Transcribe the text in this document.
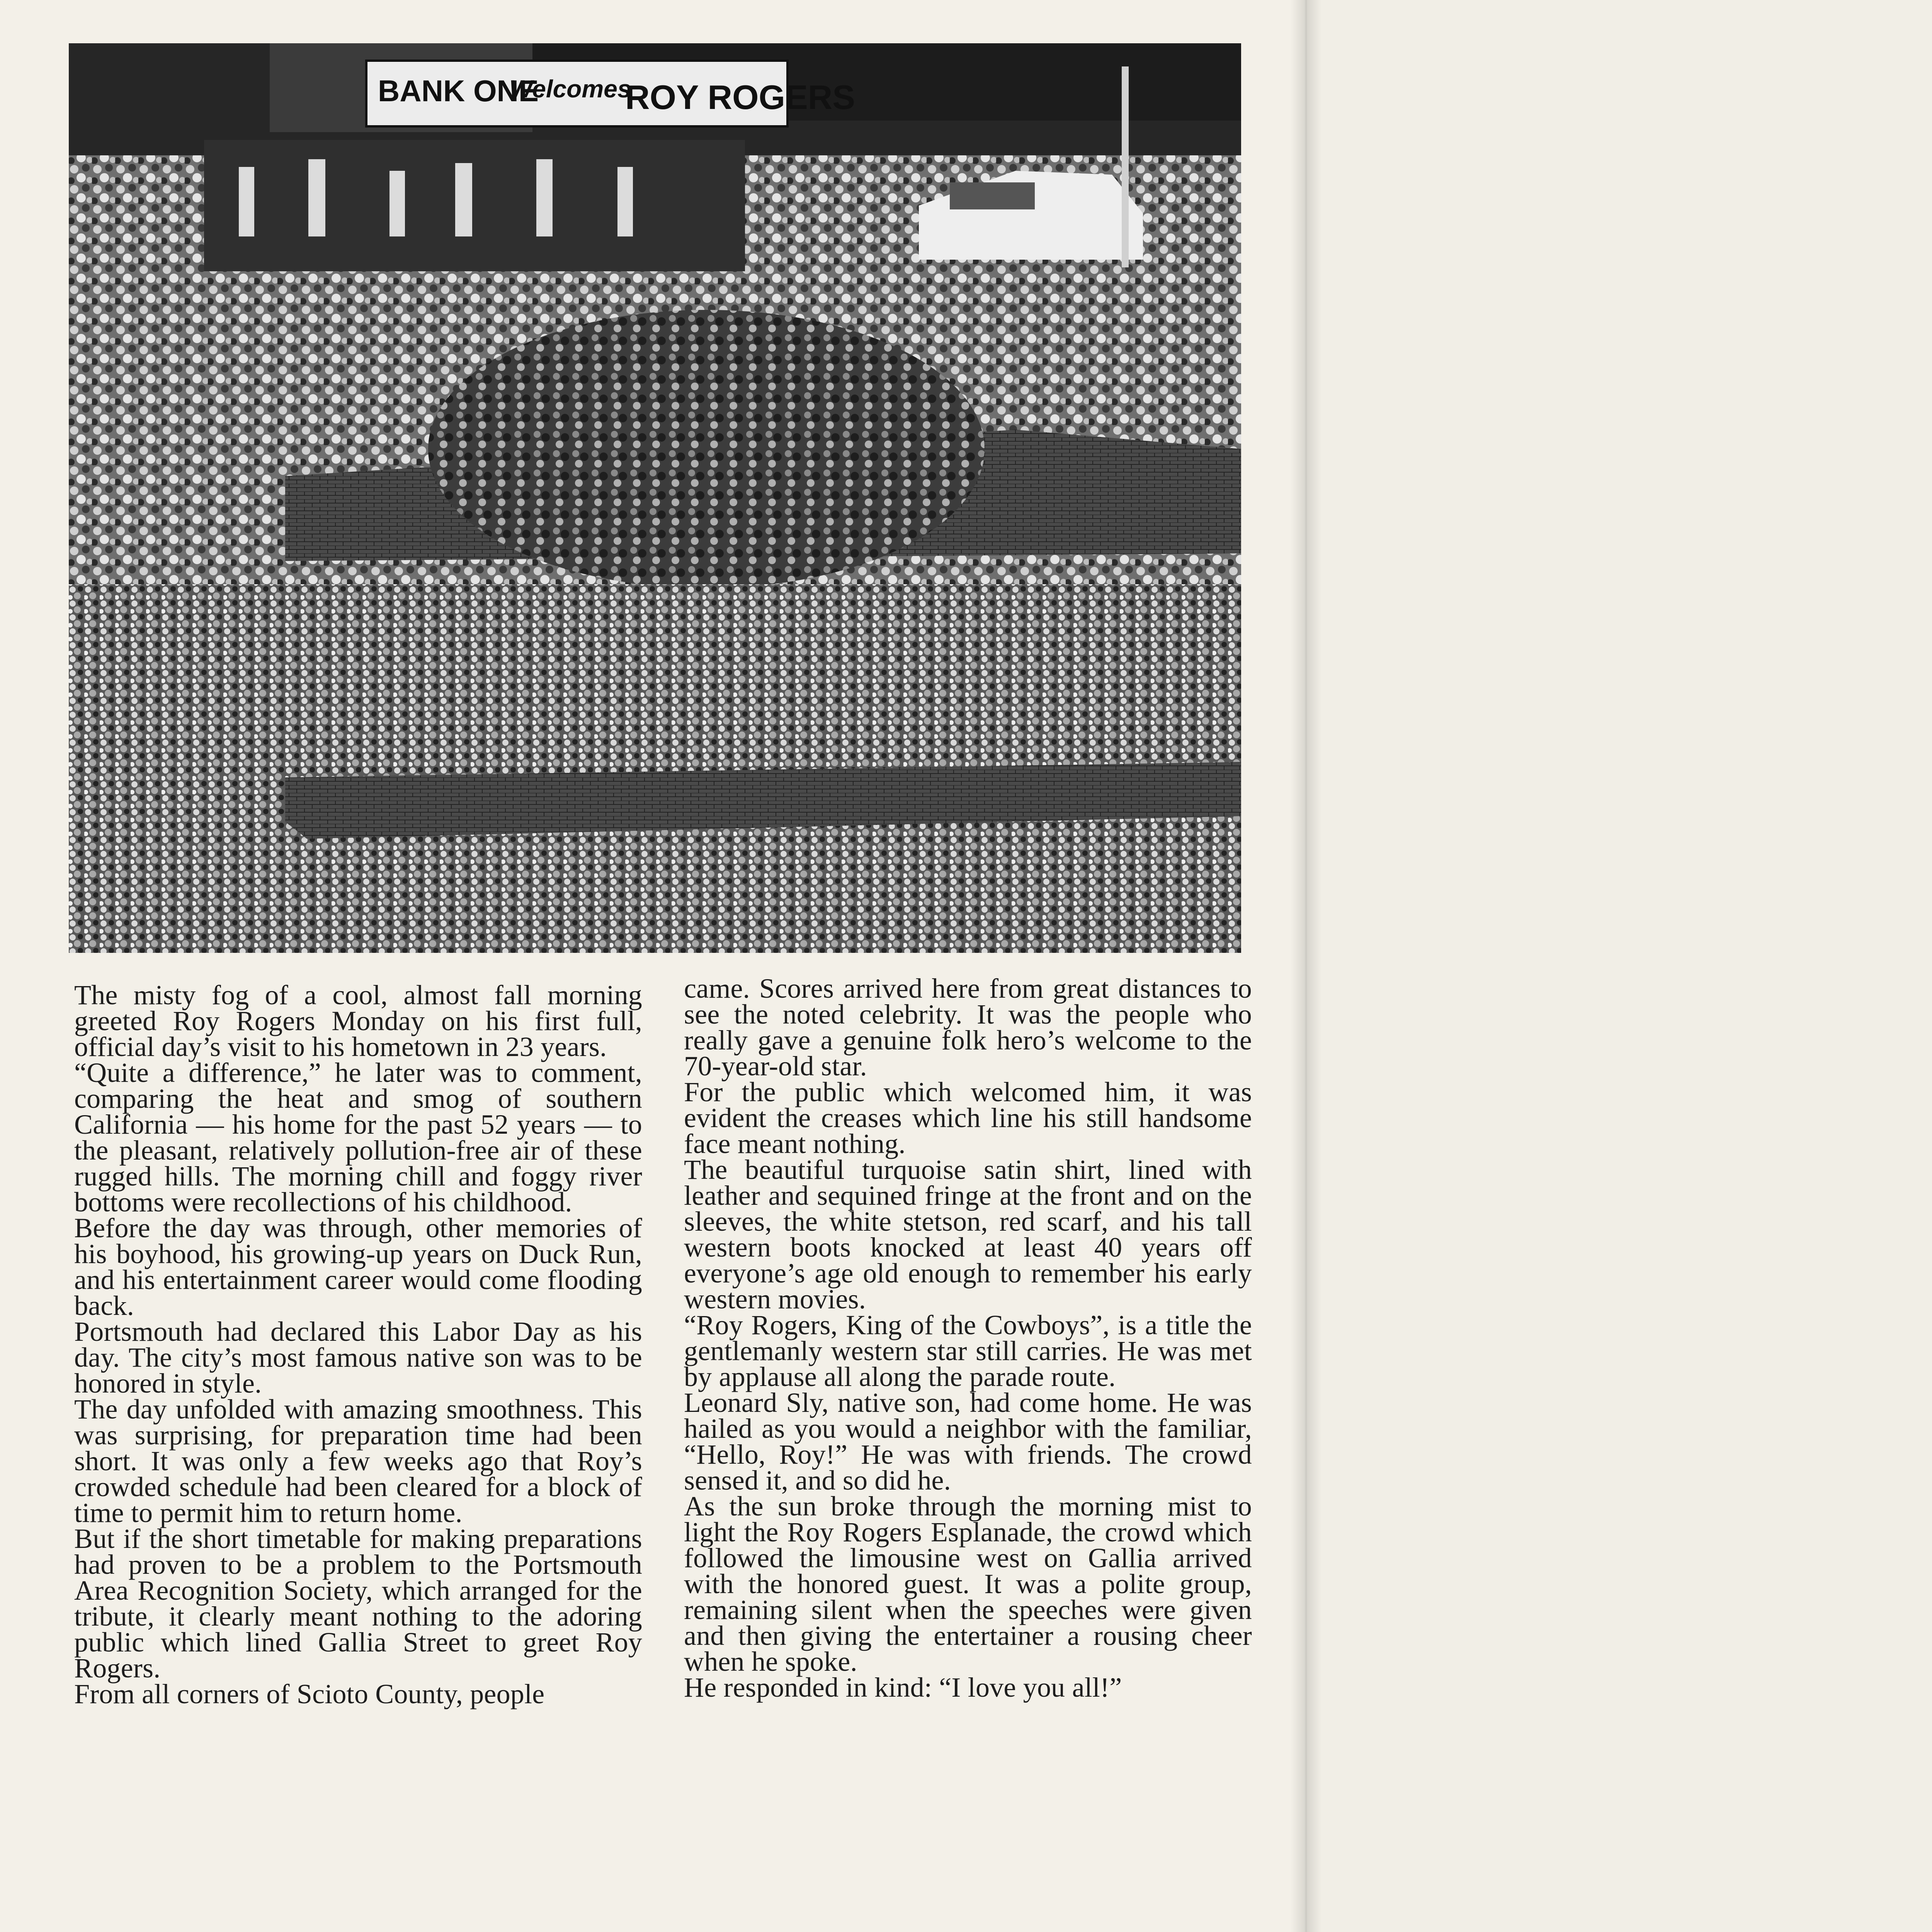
BANK ONE
Welcomes
ROY ROGERS

The misty fog of a cool, almost fall morning greeted Roy Rogers Monday on his first full, official day’s visit to his hometown in 23 years.

“Quite a difference,” he later was to comment, comparing the heat and smog of southern California — his home for the past 52 years — to the pleasant, relatively pollution-free air of these rugged hills. The morning chill and foggy river bottoms were recollections of his childhood.

Before the day was through, other memories of his boyhood, his growing-up years on Duck Run, and his entertainment career would come flooding back.

Portsmouth had declared this Labor Day as his day. The city’s most famous native son was to be honored in style.

The day unfolded with amazing smoothness. This was surprising, for preparation time had been short. It was only a few weeks ago that Roy’s crowded schedule had been cleared for a block of time to permit him to return home.

But if the short timetable for making preparations had proven to be a problem to the Portsmouth Area Recognition Society, which arranged for the tribute, it clearly meant nothing to the adoring public which lined Gallia Street to greet Roy Rogers.

From all corners of Scioto County, people

came. Scores arrived here from great distances to see the noted celebrity. It was the people who really gave a genuine folk hero’s welcome to the 70-year-old star.

For the public which welcomed him, it was evident the creases which line his still handsome face meant nothing.

The beautiful turquoise satin shirt, lined with leather and sequined fringe at the front and on the sleeves, the white stetson, red scarf, and his tall western boots knocked at least 40 years off everyone’s age old enough to remember his early western movies.

“Roy Rogers, King of the Cowboys”, is a title the gentlemanly western star still carries. He was met by applause all along the parade route.

Leonard Sly, native son, had come home. He was hailed as you would a neighbor with the familiar, “Hello, Roy!” He was with friends. The crowd sensed it, and so did he.

As the sun broke through the morning mist to light the Roy Rogers Esplanade, the crowd which followed the limousine west on Gallia arrived with the honored guest. It was a polite group, remaining silent when the speeches were given and then giving the entertainer a rousing cheer when he spoke.

He responded in kind: “I love you all!”
